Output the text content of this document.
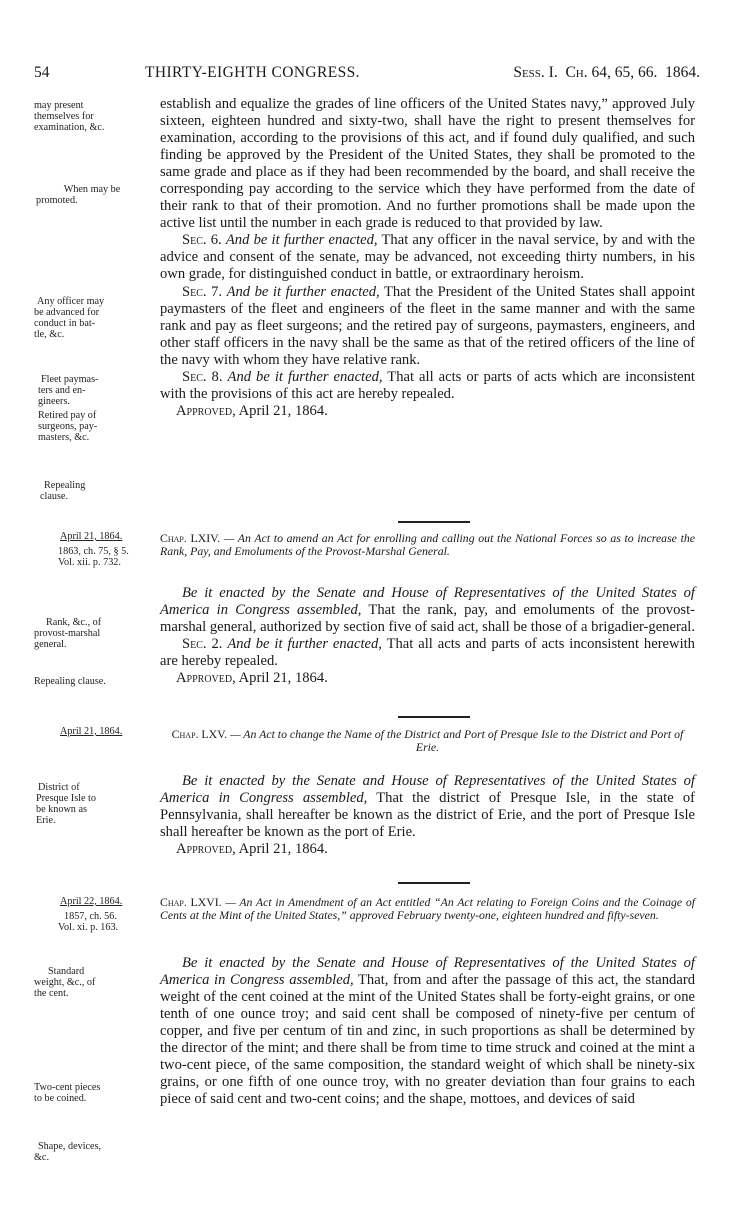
54	THIRTY-EIGHTH CONGRESS.	Sess. I. Ch. 64, 65, 66. 1864.
may present
themselves for
examination, &c.
When may be
promoted.
Any officer may
be advanced for
conduct in bat-
tle, &c.
Fleet paymas-
ters and en-
gineers.
Retired pay of
surgeons, pay-
masters, &c.
Repealing
clause.
April 21, 1864.
1863, ch. 75, § 5.
Vol. xii. p. 732.
Rank, &c., of
provost-marshal
general.
Repealing clause.
April 21, 1864.
District of
Presque Isle to
be known as
Erie.
April 22, 1864.
1857, ch. 56.
Vol. xi. p. 163.
Standard
weight, &c., of
the cent.
Two-cent pieces
to be coined.
Shape, devices,
&c.

establish and equalize the grades of line officers of the United States navy,” approved July sixteen, eighteen hundred and sixty-two, shall have the right to present themselves for examination, according to the provisions of this act, and if found duly qualified, and such finding be approved by the President of the United States, they shall be promoted to the same grade and place as if they had been recommended by the board, and shall receive the corresponding pay according to the service which they have performed from the date of their rank to that of their promotion. And no further promotions shall be made upon the active list until the number in each grade is reduced to that provided by law.

Sec. 6. And be it further enacted, That any officer in the naval service, by and with the advice and consent of the senate, may be advanced, not exceeding thirty numbers, in his own grade, for distinguished conduct in battle, or extraordinary heroism.

Sec. 7. And be it further enacted, That the President of the United States shall appoint paymasters of the fleet and engineers of the fleet in the same manner and with the same rank and pay as fleet surgeons; and the retired pay of surgeons, paymasters, engineers, and other staff officers in the navy shall be the same as that of the retired officers of the line of the navy with whom they have relative rank.

Sec. 8. And be it further enacted, That all acts or parts of acts which are inconsistent with the provisions of this act are hereby repealed.

Approved, April 21, 1864.

Chap. LXIV. — An Act to amend an Act for enrolling and calling out the National Forces so as to increase the Rank, Pay, and Emoluments of the Provost-Marshal General.

Be it enacted by the Senate and House of Representatives of the United States of America in Congress assembled, That the rank, pay, and emoluments of the provost-marshal general, authorized by section five of said act, shall be those of a brigadier-general.

Sec. 2. And be it further enacted, That all acts and parts of acts inconsistent herewith are hereby repealed.

Approved, April 21, 1864.

Chap. LXV. — An Act to change the Name of the District and Port of Presque Isle to the District and Port of Erie.

Be it enacted by the Senate and House of Representatives of the United States of America in Congress assembled, That the district of Presque Isle, in the state of Pennsylvania, shall hereafter be known as the district of Erie, and the port of Presque Isle shall hereafter be known as the port of Erie.

Approved, April 21, 1864.

Chap. LXVI. — An Act in Amendment of an Act entitled “An Act relating to Foreign Coins and the Coinage of Cents at the Mint of the United States,” approved February twenty-one, eighteen hundred and fifty-seven.

Be it enacted by the Senate and House of Representatives of the United States of America in Congress assembled, That, from and after the passage of this act, the standard weight of the cent coined at the mint of the United States shall be forty-eight grains, or one tenth of one ounce troy; and said cent shall be composed of ninety-five per centum of copper, and five per centum of tin and zinc, in such proportions as shall be determined by the director of the mint; and there shall be from time to time struck and coined at the mint a two-cent piece, of the same composition, the standard weight of which shall be ninety-six grains, or one fifth of one ounce troy, with no greater deviation than four grains to each piece of said cent and two-cent coins; and the shape, mottoes, and devices of said
